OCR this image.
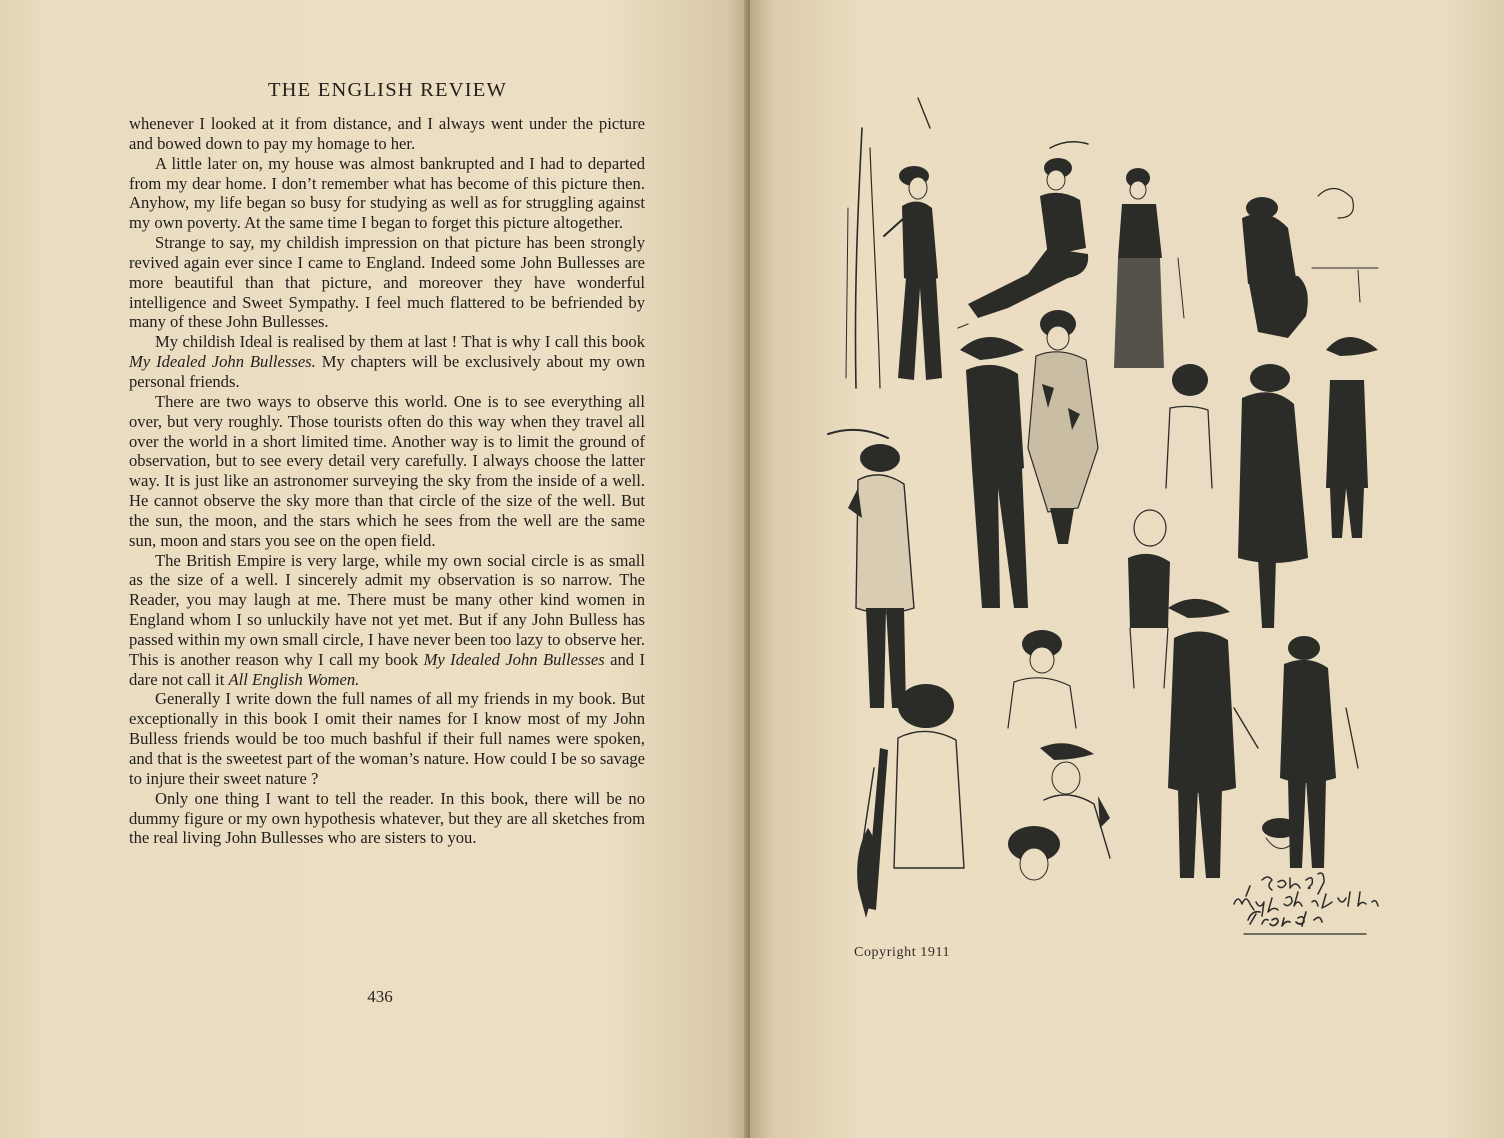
THE ENGLISH REVIEW

whenever I looked at it from distance, and I always went under the picture and bowed down to pay my homage to her.

A little later on, my house was almost bankrupted and I had to departed from my dear home. I don’t remember what has become of this picture then. Anyhow, my life began so busy for studying as well as for struggling against my own poverty. At the same time I began to forget this picture altogether.

Strange to say, my childish impression on that picture has been strongly revived again ever since I came to England. Indeed some John Bullesses are more beautiful than that picture, and moreover they have wonderful intelligence and Sweet Sympathy. I feel much flattered to be befriended by many of these John Bullesses.

My childish Ideal is realised by them at last ! That is why I call this book My Idealed John Bullesses. My chapters will be exclusively about my own personal friends.

There are two ways to observe this world. One is to see everything all over, but very roughly. Those tourists often do this way when they travel all over the world in a short limited time. Another way is to limit the ground of observation, but to see every detail very carefully. I always choose the latter way. It is just like an astronomer surveying the sky from the inside of a well. He cannot observe the sky more than that circle of the size of the well. But the sun, the moon, and the stars which he sees from the well are the same sun, moon and stars you see on the open field.

The British Empire is very large, while my own social circle is as small as the size of a well. I sincerely admit my observation is so narrow. The Reader, you may laugh at me. There must be many other kind women in England whom I so unluckily have not yet met. But if any John Bulless has passed within my own small circle, I have never been too lazy to observe her. This is another reason why I call my book My Idealed John Bullesses and I dare not call it All English Women.

Generally I write down the full names of all my friends in my book. But exceptionally in this book I omit their names for I know most of my John Bulless friends would be too much bashful if their full names were spoken, and that is the sweetest part of the woman’s nature. How could I be so savage to injure their sweet nature ?

Only one thing I want to tell the reader. In this book, there will be no dummy figure or my own hypothesis whatever, but they are all sketches from the real living John Bullesses who are sisters to you.

436
Copyright 1911
